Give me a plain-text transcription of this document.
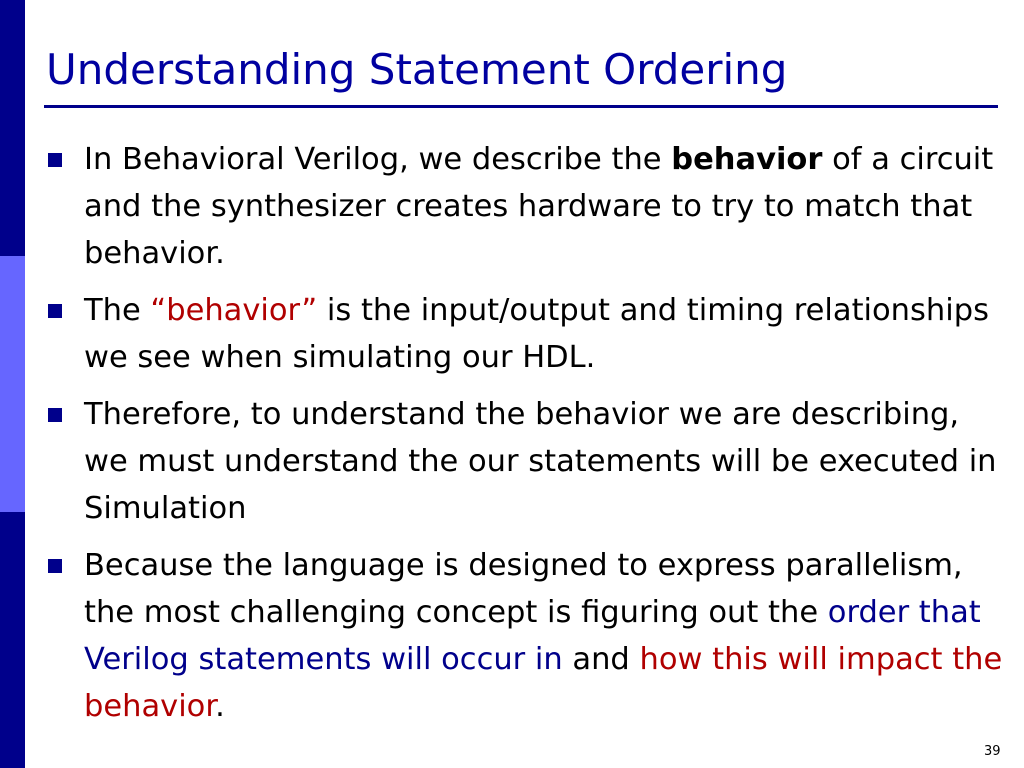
Understanding Statement Ordering
In Behavioral Verilog, we describe the behavior of a circuit and the synthesizer creates hardware to try to match that behavior.
The “behavior” is the input/output and timing relationships we see when simulating our HDL.
Therefore, to understand the behavior we are describing, we must understand the our statements will be executed in Simulation
Because the language is designed to express parallelism, the most challenging concept is figuring out the order that Verilog statements will occur in and how this will impact the behavior.
39
